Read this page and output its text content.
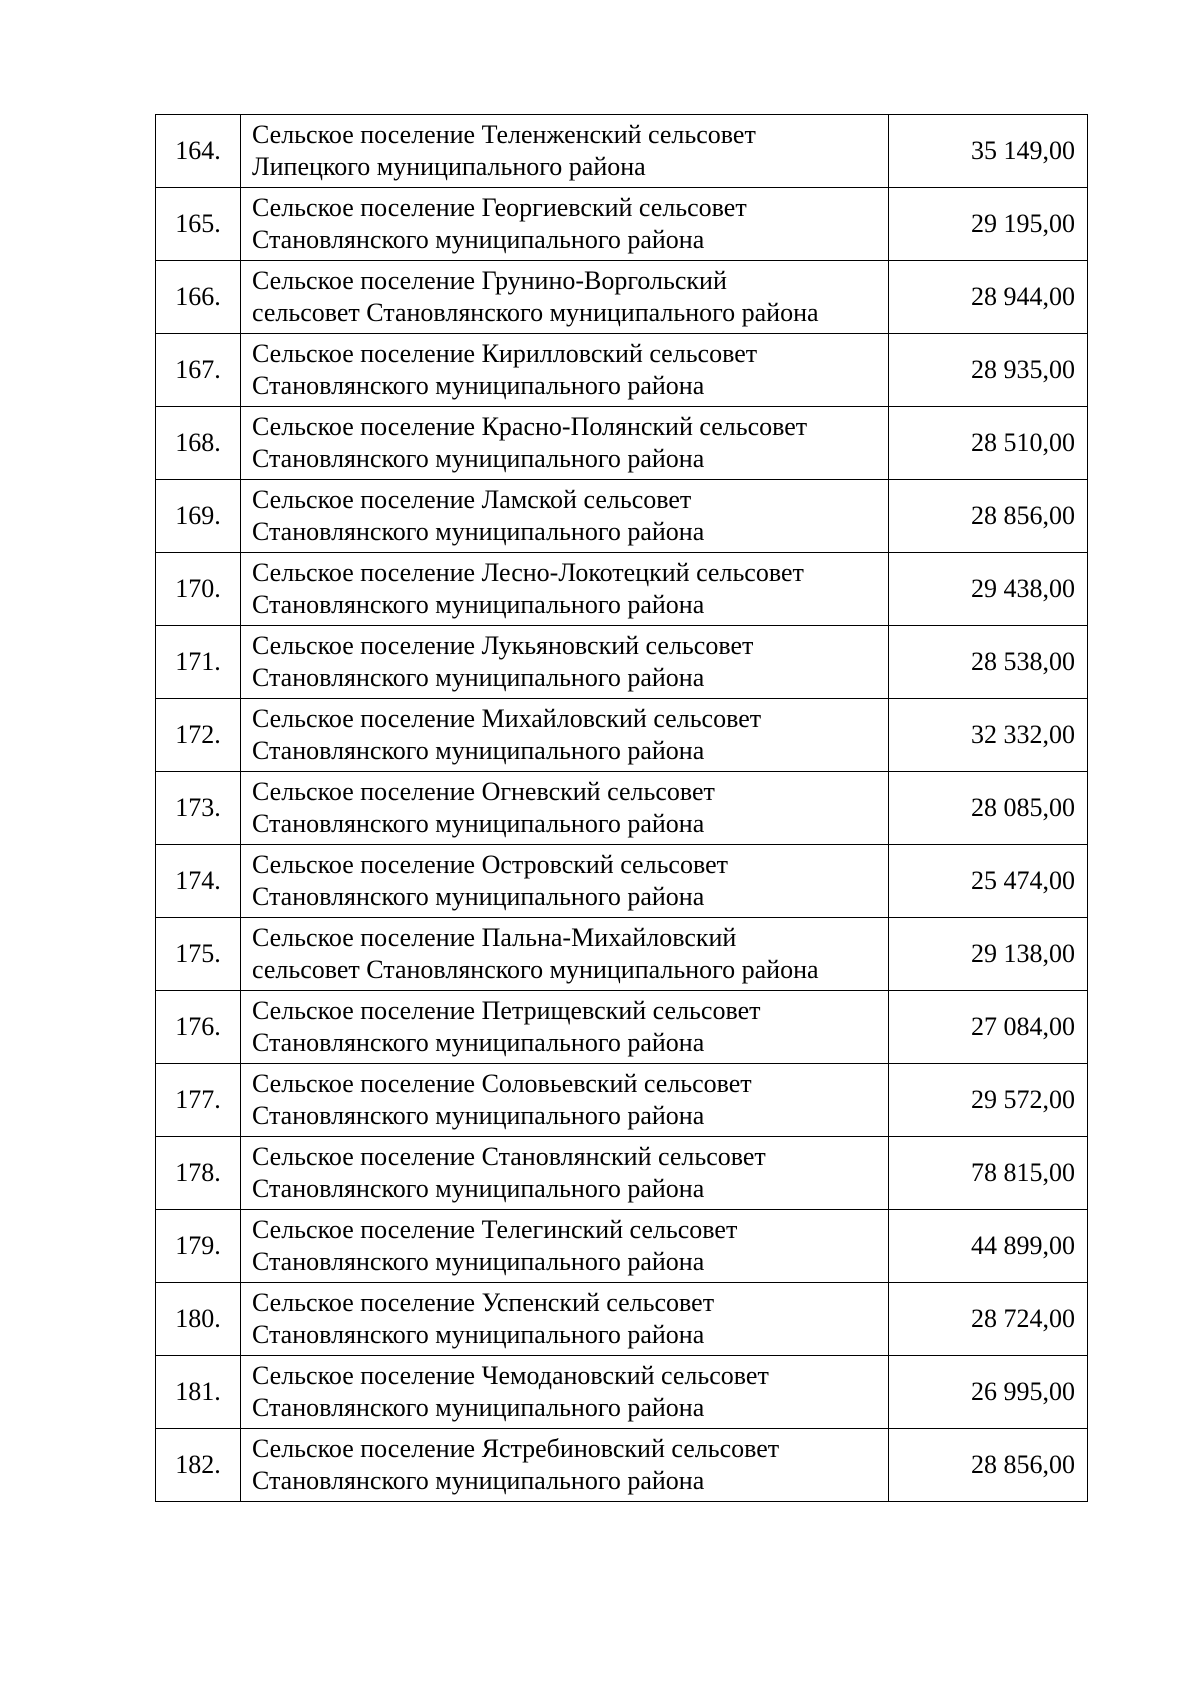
164.	Сельское поселение Теленженский сельсовет
Липецкого муниципального района	35 149,00
165.	Сельское поселение Георгиевский сельсовет
Становлянского муниципального района	29 195,00
166.	Сельское поселение Грунино-Воргольский
сельсовет Становлянского муниципального района	28 944,00
167.	Сельское поселение Кирилловский сельсовет
Становлянского муниципального района	28 935,00
168.	Сельское поселение Красно-Полянский сельсовет
Становлянского муниципального района	28 510,00
169.	Сельское поселение Ламской сельсовет
Становлянского муниципального района	28 856,00
170.	Сельское поселение Лесно-Локотецкий сельсовет
Становлянского муниципального района	29 438,00
171.	Сельское поселение Лукьяновский сельсовет
Становлянского муниципального района	28 538,00
172.	Сельское поселение Михайловский сельсовет
Становлянского муниципального района	32 332,00
173.	Сельское поселение Огневский сельсовет
Становлянского муниципального района	28 085,00
174.	Сельское поселение Островский сельсовет
Становлянского муниципального района	25 474,00
175.	Сельское поселение Пальна-Михайловский
сельсовет Становлянского муниципального района	29 138,00
176.	Сельское поселение Петрищевский сельсовет
Становлянского муниципального района	27 084,00
177.	Сельское поселение Соловьевский сельсовет
Становлянского муниципального района	29 572,00
178.	Сельское поселение Становлянский сельсовет
Становлянского муниципального района	78 815,00
179.	Сельское поселение Телегинский сельсовет
Становлянского муниципального района	44 899,00
180.	Сельское поселение Успенский сельсовет
Становлянского муниципального района	28 724,00
181.	Сельское поселение Чемодановский сельсовет
Становлянского муниципального района	26 995,00
182.	Сельское поселение Ястребиновский сельсовет
Становлянского муниципального района	28 856,00
